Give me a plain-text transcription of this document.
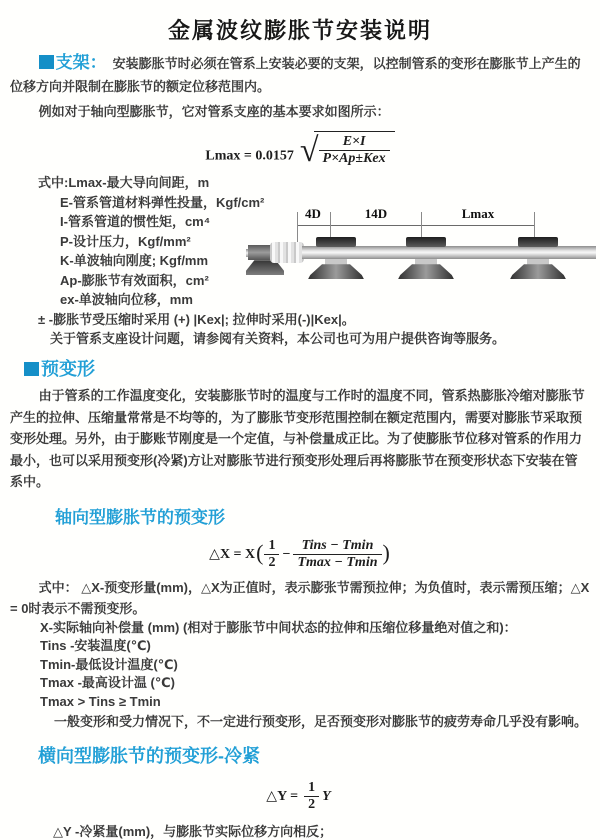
金属波纹膨胀节安装说明

支架： 安装膨胀节时必须在管系上安装必要的支架，以控制管系的变形在膨胀节上产生的位移方向并限制在膨胀节的额定位移范围内。

例如对于轴向型膨胀节，它对管系支座的基本要求如图所示：

Lmax = 0.0157 √ $\frac{E\times I}{\text{P×Ap±Kex}}$
式中:Lmax-最大导向间距，m
E-管系管道材料弹性投量，Kgf/cm²
I-管系管道的惯性矩，cm⁴
P-设计压力，Kgf/mm²
K-单波轴向刚度; Kgf/mm
Ap-膨胀节有效面积，cm²
ex-单波轴向位移，mm
± -膨胀节受压缩时采用 (+) |Kex|; 拉伸时采用(-)|Kex|。
关于管系支座设计问题，请参阅有关资料，本公司也可为用户提供咨询等服务。
4D	14D	Lmax
预变形

由于管系的工作温度变化，安装膨胀节时的温度与工作时的温度不同，管系热膨胀冷缩对膨胀节产生的拉伸、压缩量常常是不均等的，为了膨胀节变形范围控制在额定范围内，需要对膨胀节采取预变形处理。另外，由于膨账节刚度是一个定值，与补偿量成正比。为了使膨胀节位移对管系的作用力最小，也可以采用预变形(冷紧)方让对膨胀节进行预变形处理后再将膨胀节在预变形状态下安装在管系中。

轴向型膨胀节的预变形
△X = $X( \frac{1}{2} - \frac{\text{Tins − Tmin}}{Tmax - Tmin}$ )

式中： △X-预变形量(mm)，△X为正值时，表示膨张节需预拉伸；为负值时，表示需预压缩；△X = 0时表示不需预变形。

X-实际轴向补偿量 (mm) (相对于膨胀节中间状态的拉伸和压缩位移量绝对值之和)：
Tins -安装温度(℃)
Tmin-最低设计温度(℃)
Tmax -最高设计温 (℃)
Tmax > Tins ≥ Tmin
一般变形和受力情况下，不一定进行预变形，足否预变形对膨胀节的疲劳寿命几乎没有影响。
横向型膨胀节的预变形-冷紧
△Y = $\frac{1}{2}$ Y

△Y -冷紧量(mm)，与膨胀节实际位移方向相反；
